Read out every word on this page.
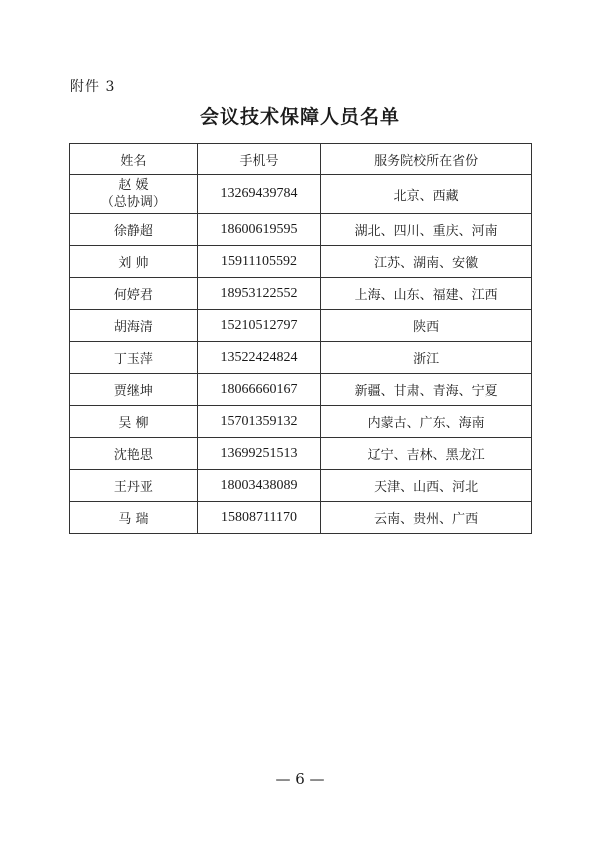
附件 3
会议技术保障人员名单
姓名	手机号	服务院校所在省份

赵 媛
（总协调）	13269439784	北京、西藏
徐静超	18600619595	湖北、四川、重庆、河南
刘 帅	15911105592	江苏、湖南、安徽
何婷君	18953122552	上海、山东、福建、江西
胡海清	15210512797	陕西
丁玉萍	13522424824	浙江
贾继坤	18066660167	新疆、甘肃、青海、宁夏
吴 柳	15701359132	内蒙古、广东、海南
沈艳思	13699251513	辽宁、吉林、黑龙江
王丹亚	18003438089	天津、山西、河北
马 瑞	15808711170	云南、贵州、广西
— 6 —
